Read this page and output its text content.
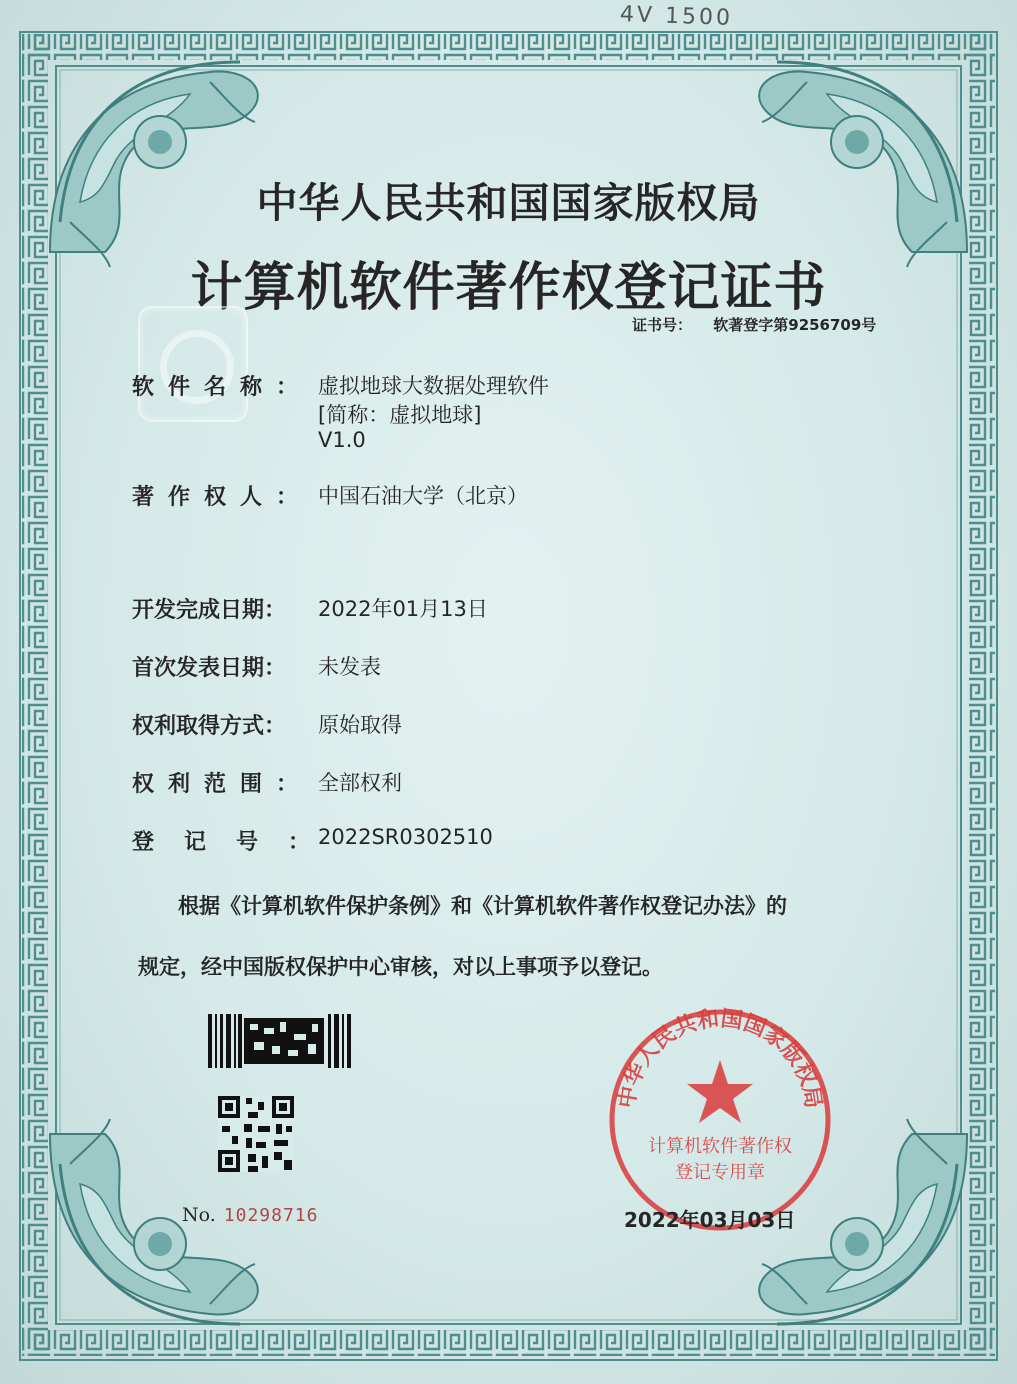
4V 1500
中华人民共和国国家版权局
计算机软件著作权登记证书
证书号： 软著登字第9256709号
软件名称： 虚拟地球大数据处理软件
[简称：虚拟地球]
V1.0
著作权人： 中国石油大学（北京）
开发完成日期： 2022年01月13日
首次发表日期： 未发表
权利取得方式： 原始取得
权利范围： 全部权利
登记号：
2022SR0302510
根据《计算机软件保护条例》和《计算机软件著作权登记办法》的
规定，经中国版权保护中心审核，对以上事项予以登记。
No. 10298716
中华人民共和国国家版权局
计算机软件著作权
登记专用章
2022年03月03日
